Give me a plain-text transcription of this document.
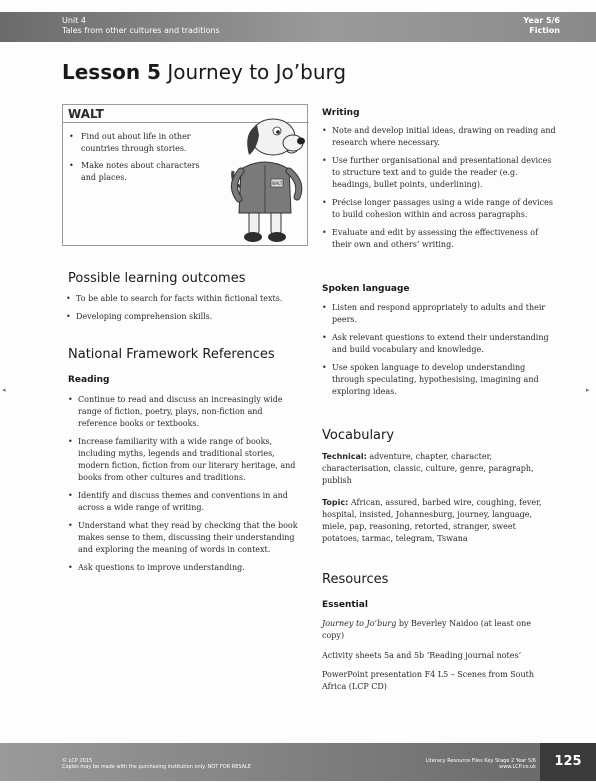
Unit 4
Tales from other cultures and traditions
Year 5/6
Fiction
Lesson 5 Journey to Jo’burg
WALT
• Find out about life in other countries through stories.
• Make notes about characters and places.
WALT
Possible learning outcomes
• To be able to search for facts within fictional texts.
• Developing comprehension skills.
National Framework References
Reading
• Continue to read and discuss an increasingly wide range of fiction, poetry, plays, non-fiction and reference books or textbooks.
• Increase familiarity with a wide range of books, including myths, legends and traditional stories, modern fiction, fiction from our literary heritage, and books from other cultures and traditions.
• Identify and discuss themes and conventions in and across a wide range of writing.
• Understand what they read by checking that the book makes sense to them, discussing their understanding and exploring the meaning of words in context.
• Ask questions to improve understanding.
Writing
• Note and develop initial ideas, drawing on reading and research where necessary.
• Use further organisational and presentational devices to structure text and to guide the reader (e.g. headings, bullet points, underlining).
• Précise longer passages using a wide range of devices to build cohesion within and across paragraphs.
• Evaluate and edit by assessing the effectiveness of their own and others’ writing.
Spoken language
• Listen and respond appropriately to adults and their peers.
• Ask relevant questions to extend their understanding and build vocabulary and knowledge.
• Use spoken language to develop understanding through speculating, hypothesising, imagining and exploring ideas.
Vocabulary
Technical: adventure, chapter, character, characterisation, classic, culture, genre, paragraph, publish
Topic: African, assured, barbed wire, coughing, fever, hospital, insisted, Johannesburg, journey, language, miele, pap, reasoning, retorted, stranger, sweet potatoes, tarmac, telegram, Tswana
Resources
Essential
Journey to Jo’burg by Beverley Naidoo (at least one copy)
Activity sheets 5a and 5b ‘Reading journal notes’
PowerPoint presentation F4 L5 – Scenes from South Africa (LCP CD)
◂	▸
© LCP 2015
Copies may be made with the purchasing institution only. NOT FOR RESALE
Literacy Resource Files Key Stage 2 Year 5/6
www.LCP.co.uk	125
